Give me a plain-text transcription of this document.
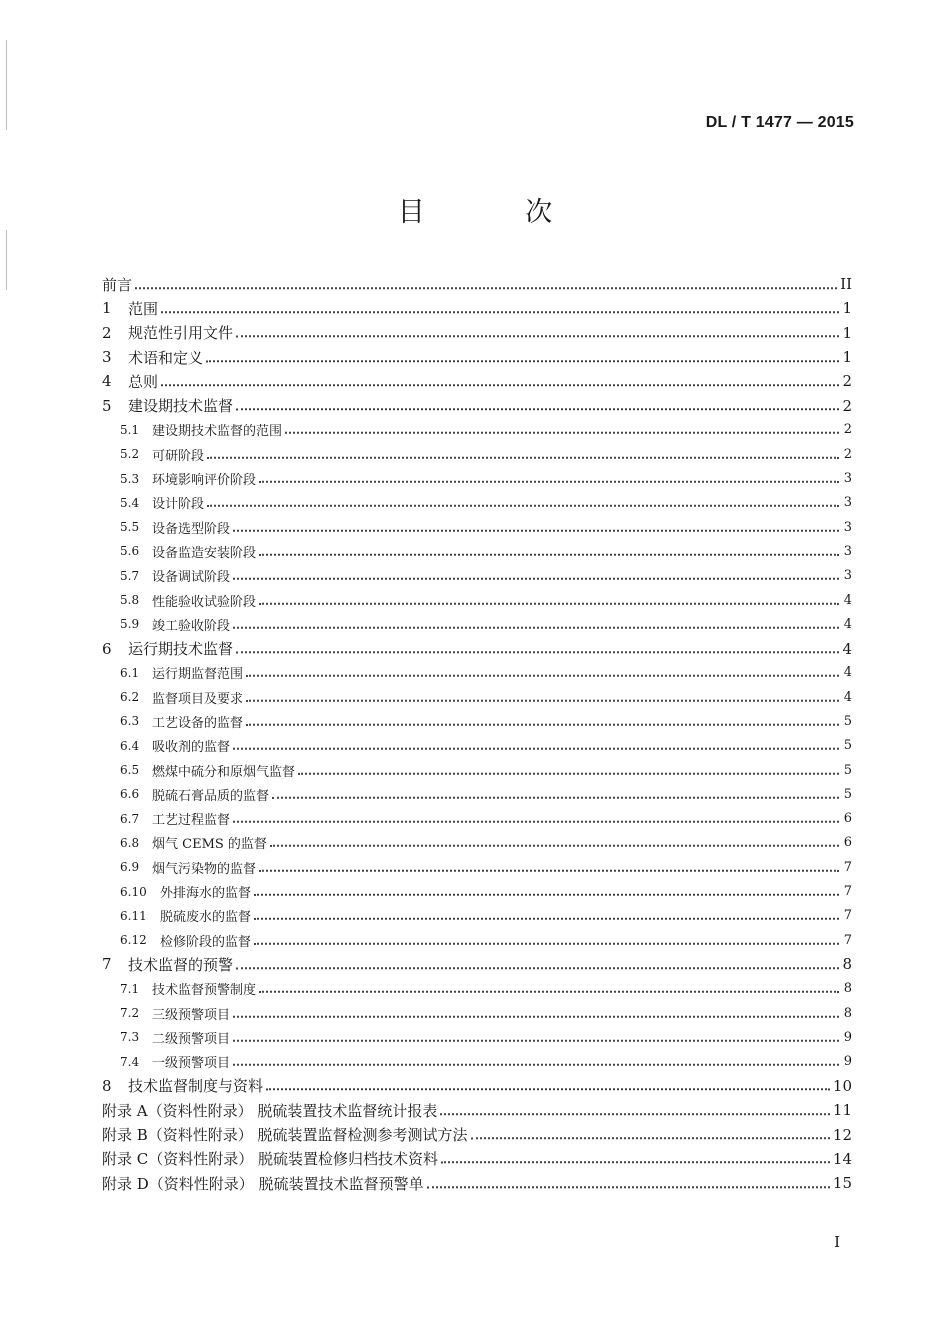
DL / T 1477 — 2015
目 次
前言	II
1	范围	1
2	规范性引用文件	1
3	术语和定义	1
4	总则	2
5	建设期技术监督	2
5.1 建设期技术监督的范围	2
5.2 可研阶段	2
5.3 环境影响评价阶段	3
5.4 设计阶段	3
5.5 设备选型阶段	3
5.6 设备监造安装阶段	3
5.7 设备调试阶段	3
5.8 性能验收试验阶段	4
5.9 竣工验收阶段	4
6	运行期技术监督	4
6.1 运行期监督范围	4
6.2 监督项目及要求	4
6.3 工艺设备的监督	5
6.4 吸收剂的监督	5
6.5 燃煤中硫分和原烟气监督	5
6.6 脱硫石膏品质的监督	5
6.7 工艺过程监督	6
6.8 烟气 CEMS 的监督	6
6.9 烟气污染物的监督	7
6.10	外排海水的监督	7
6.11	脱硫废水的监督	7
6.12	检修阶段的监督	7
7	技术监督的预警	8
7.1 技术监督预警制度	8
7.2 三级预警项目	8
7.3 二级预警项目	9
7.4 一级预警项目	9
8	技术监督制度与资料	10
附录 A（资料性附录） 脱硫装置技术监督统计报表	11
附录 B（资料性附录） 脱硫装置监督检测参考测试方法	12
附录 C（资料性附录） 脱硫装置检修归档技术资料	14
附录 D（资料性附录） 脱硫装置技术监督预警单	15
I
